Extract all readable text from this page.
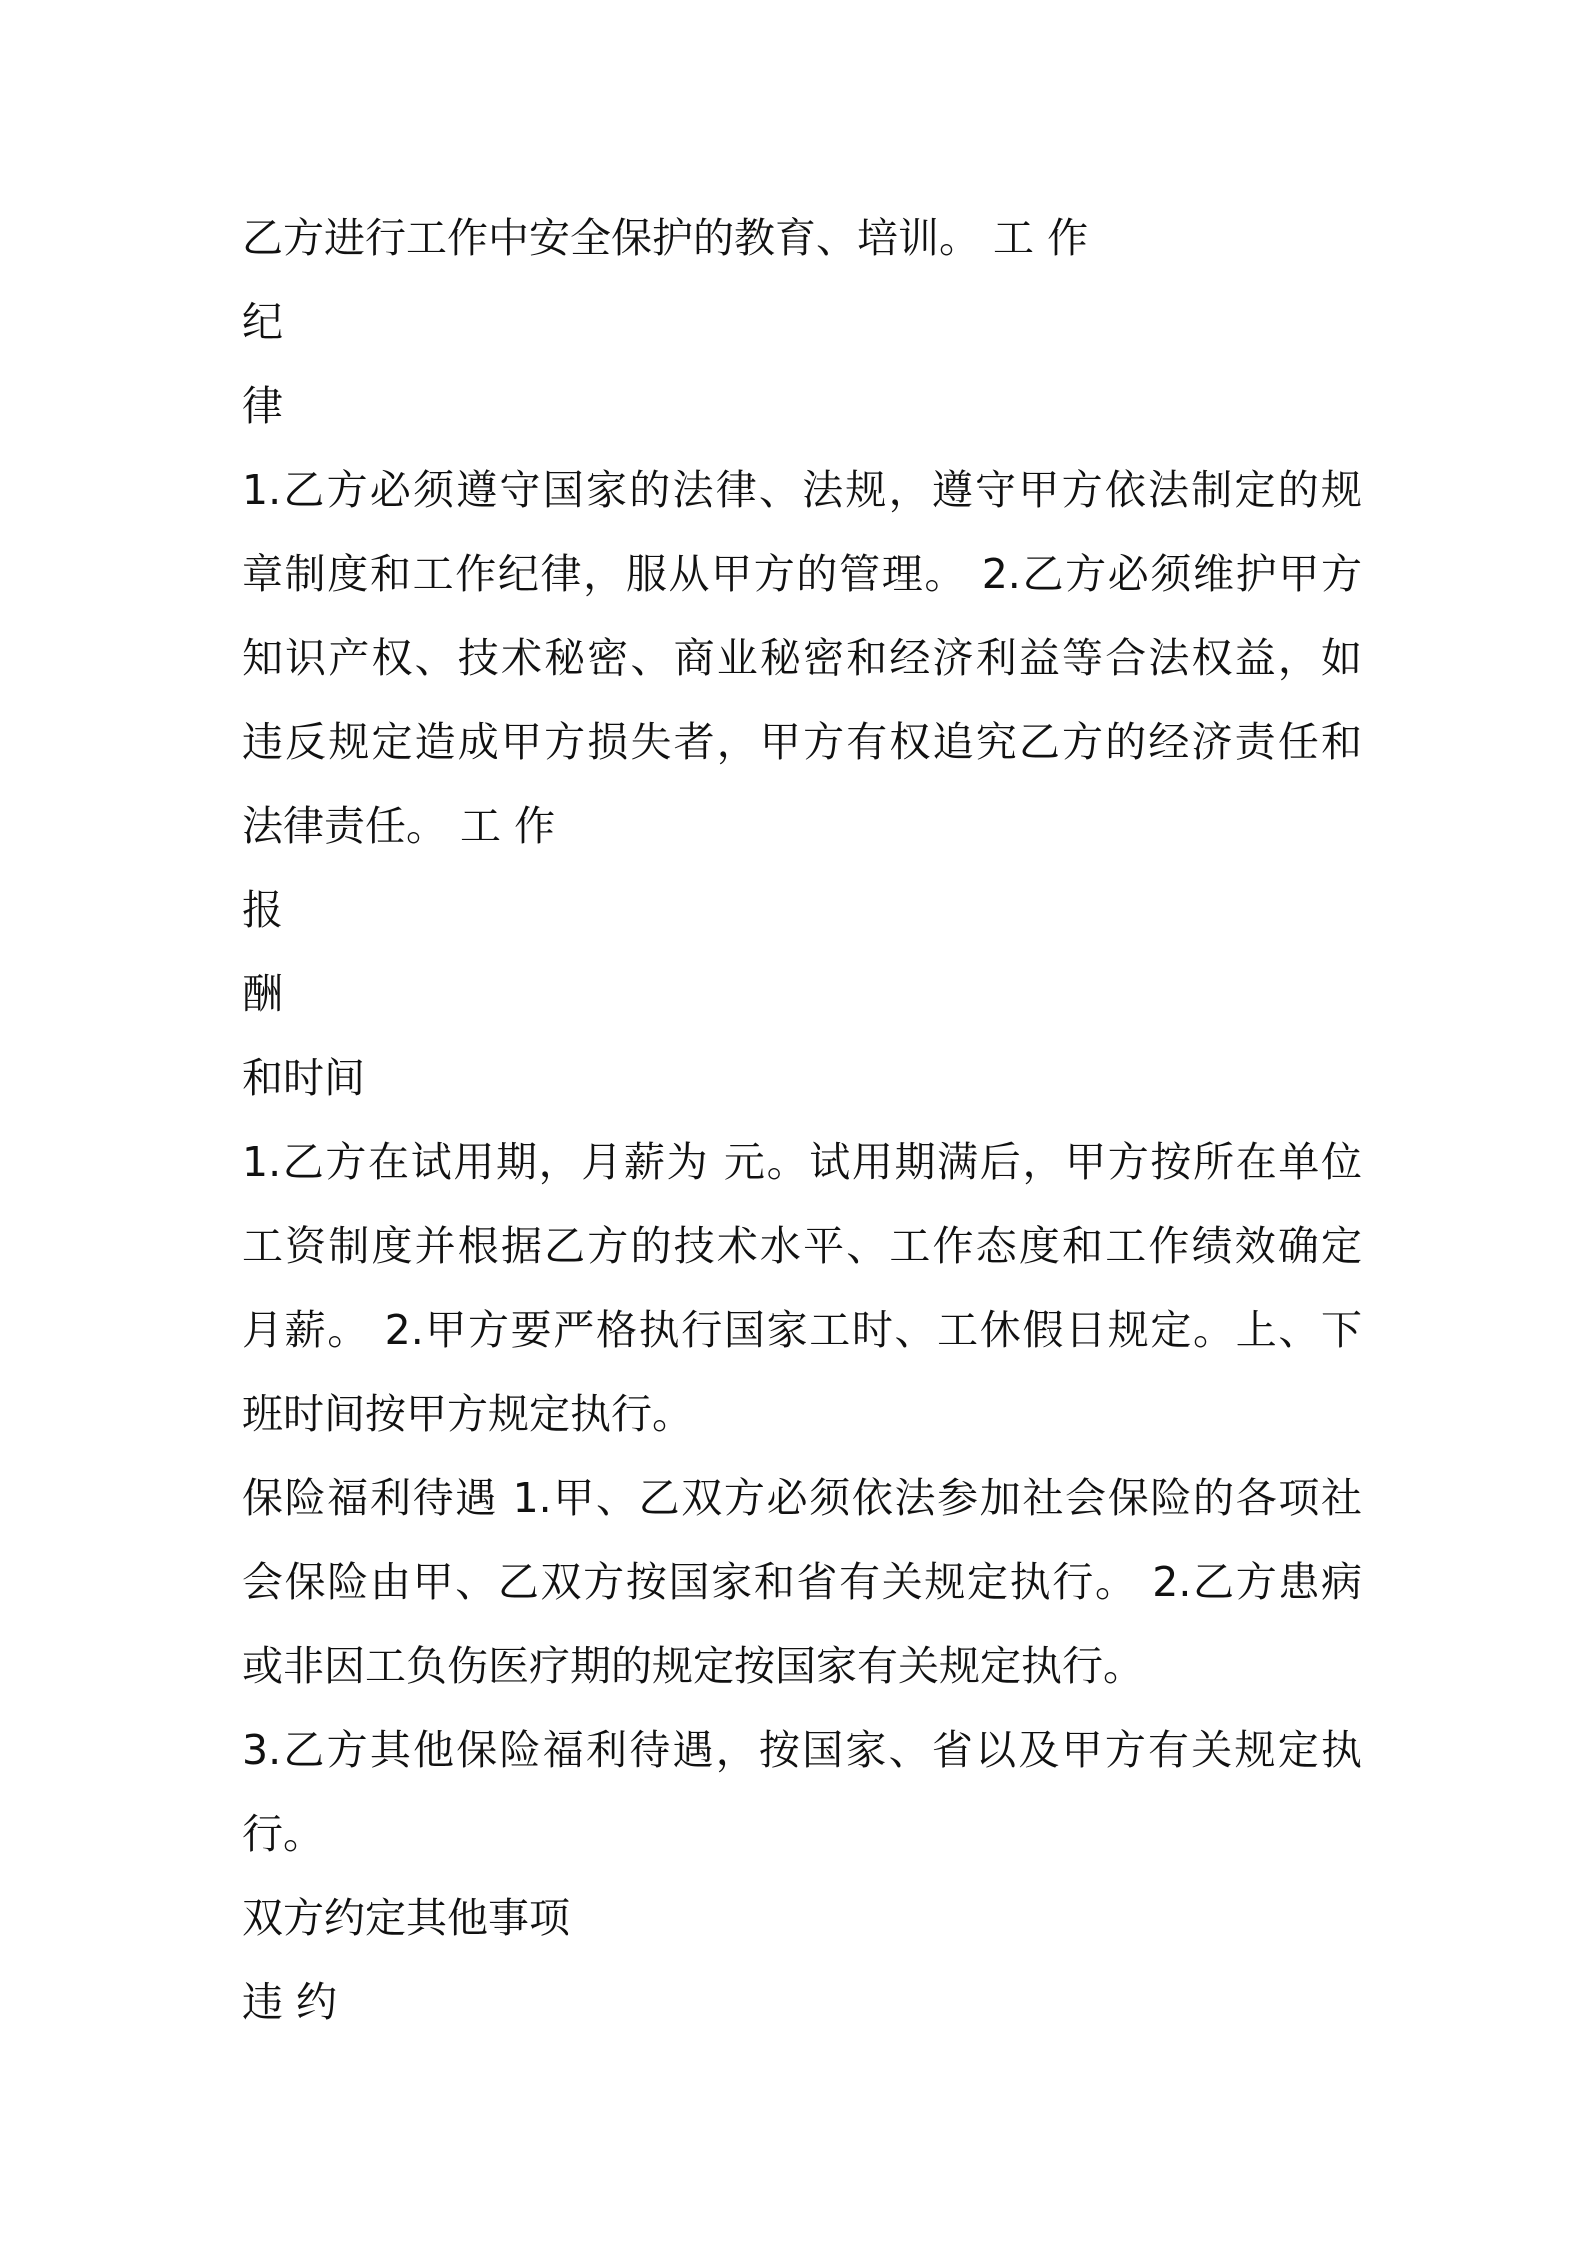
乙方进行工作中安全保护的教育、培训。 工 作
纪
律
1.乙方必须遵守国家的法律、法规，遵守甲方依法制定的规
章制度和工作纪律，服从甲方的管理。 2.乙方必须维护甲方
知识产权、技术秘密、商业秘密和经济利益等合法权益，如
违反规定造成甲方损失者，甲方有权追究乙方的经济责任和
法律责任。 工 作
报
酬
和时间
1.乙方在试用期，月薪为 元。试用期满后，甲方按所在单位
工资制度并根据乙方的技术水平、工作态度和工作绩效确定
月薪。 2.甲方要严格执行国家工时、工休假日规定。上、下
班时间按甲方规定执行。
保险福利待遇 1.甲、乙双方必须依法参加社会保险的各项社
会保险由甲、乙双方按国家和省有关规定执行。 2.乙方患病
或非因工负伤医疗期的规定按国家有关规定执行。
3.乙方其他保险福利待遇，按国家、省以及甲方有关规定执
行。
双方约定其他事项
违 约
